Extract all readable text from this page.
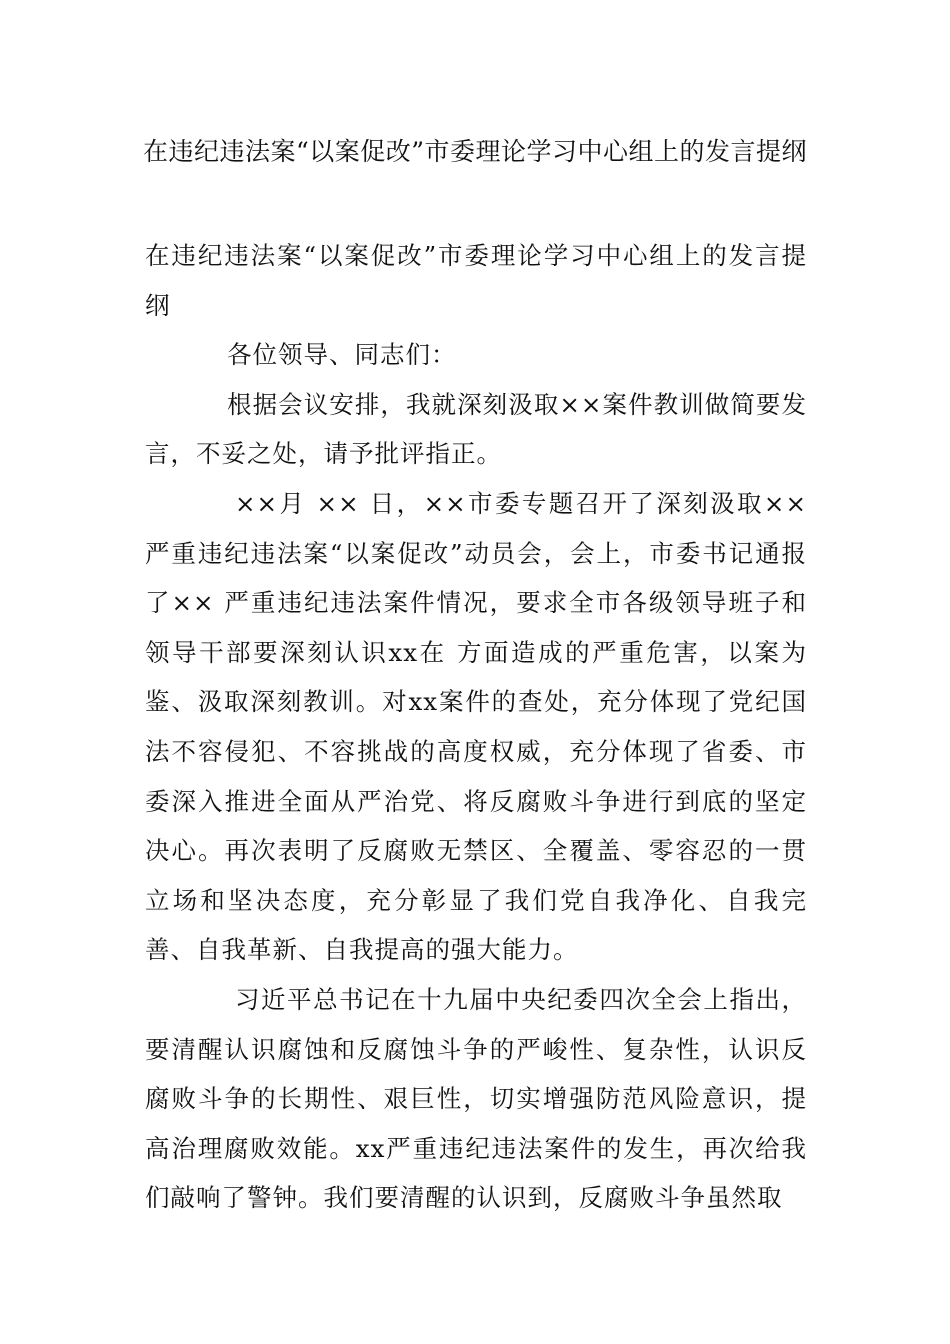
在违纪违法案“以案促改”市委理论学习中心组上的发言提纲

在违纪违法案“以案促改”市委理论学习中心组上的发言提纲

各位领导、同志们：

根据会议安排，我就深刻汲取××案件教训做简要发言，不妥之处，请予批评指正。

××月 ×× 日，××市委专题召开了深刻汲取××严重违纪违法案“以案促改”动员会，会上，市委书记通报了×× 严重违纪违法案件情况，要求全市各级领导班子和领导干部要深刻认识xx在 方面造成的严重危害，以案为鉴、汲取深刻教训。对xx案件的查处，充分体现了党纪国法不容侵犯、不容挑战的高度权威，充分体现了省委、市委深入推进全面从严治党、将反腐败斗争进行到底的坚定决心。再次表明了反腐败无禁区、全覆盖、零容忍的一贯立场和坚决态度，充分彰显了我们党自我净化、自我完善、自我革新、自我提高的强大能力。

习近平总书记在十九届中央纪委四次全会上指出，要清醒认识腐蚀和反腐蚀斗争的严峻性、复杂性，认识反腐败斗争的长期性、艰巨性，切实增强防范风险意识，提高治理腐败效能。xx严重违纪违法案件的发生，再次给我们敲响了警钟。我们要清醒的认识到，反腐败斗争虽然取
